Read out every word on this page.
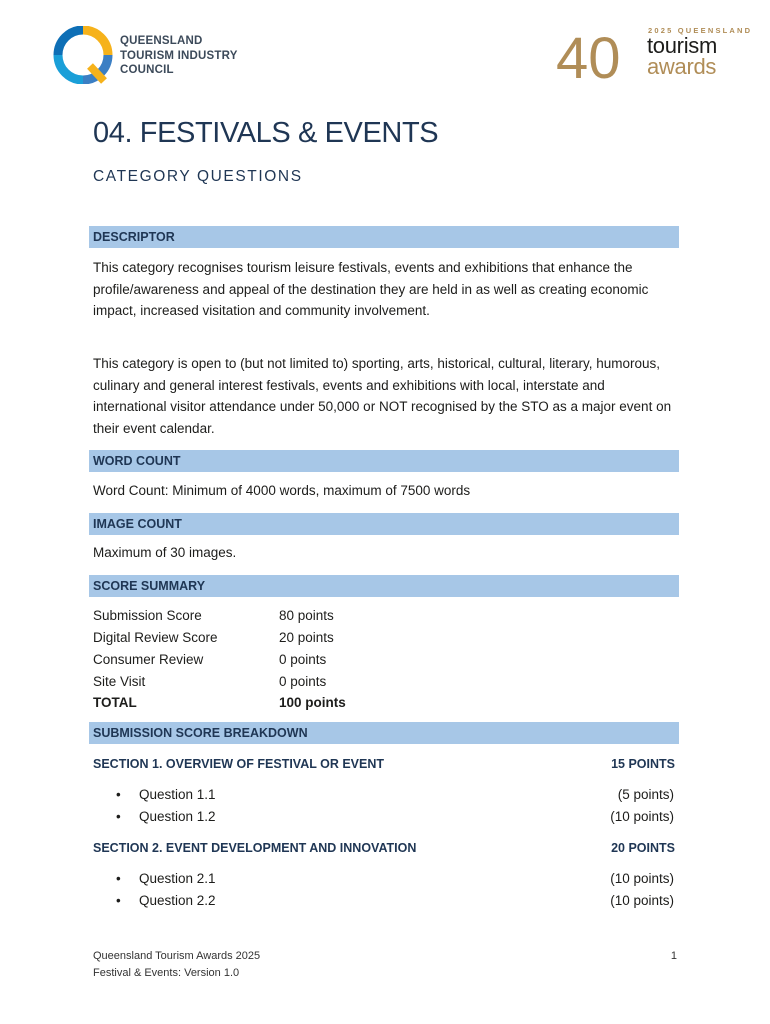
QUEENSLAND
TOURISM INDUSTRY
COUNCIL	40	2025 QUEENSLAND
tourism
awards
04. FESTIVALS & EVENTS
CATEGORY QUESTIONS
DESCRIPTOR
This category recognises tourism leisure festivals, events and exhibitions that enhance the profile/awareness and appeal of the destination they are held in as well as creating economic impact, increased visitation and community involvement.
This category is open to (but not limited to) sporting, arts, historical, cultural, literary, humorous, culinary and general interest festivals, events and exhibitions with local, interstate and international visitor attendance under 50,000 or NOT recognised by the STO as a major event on their event calendar.
WORD COUNT
Word Count: Minimum of 4000 words, maximum of 7500 words
IMAGE COUNT
Maximum of 30 images.
SCORE SUMMARY
Submission Score	80 points
Digital Review Score	20 points
Consumer Review	0 points
Site Visit	0 points
TOTAL	100 points
SUBMISSION SCORE BREAKDOWN
SECTION 1. OVERVIEW OF FESTIVAL OR EVENT	15 POINTS
• Question 1.1	(5 points)
• Question 1.2	(10 points)
SECTION 2. EVENT DEVELOPMENT AND INNOVATION	20 POINTS
• Question 2.1	(10 points)
• Question 2.2	(10 points)
Queensland Tourism Awards 2025
Festival & Events: Version 1.0
1
